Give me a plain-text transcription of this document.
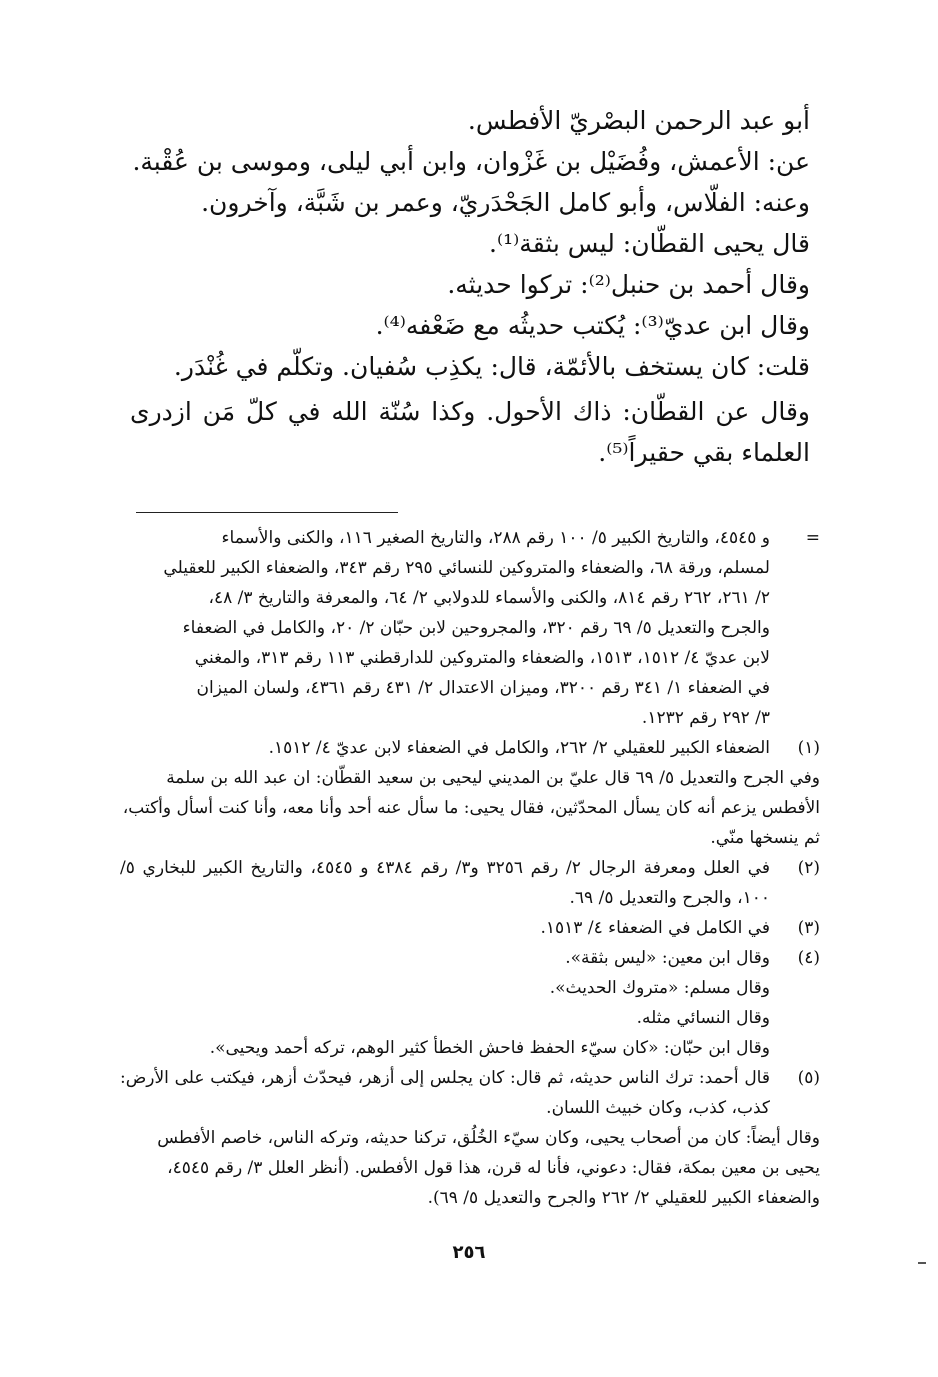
أبو عبد الرحمن البصْريّ الأفطس.

عن: الأعمش، وفُضَيْل بن غَزْوان، وابن أبي ليلى، وموسى بن عُقْبة.

وعنه: الفلّاس، وأبو كامل الجَحْدَريّ، وعمر بن شَبَّة، وآخرون.

قال يحيى القطّان: ليس بثقة⁽¹⁾.

وقال أحمد بن حنبل⁽²⁾: تركوا حديثه.

وقال ابن عديّ⁽³⁾: يُكتب حديثُه مع ضَعْفه⁽⁴⁾.

قلت: كان يستخف بالأئمّة، قال: يكذِب سُفيان. وتكلّم في غُنْدَر.

وقال عن القطّان: ذاك الأحول. وكذا سُنّة الله في كلّ مَن ازدرى العلماء بقي حقيراً⁽⁵⁾.

=
و ٤٥٤٥، والتاريخ الكبير ٥/ ١٠٠ رقم ٢٨٨، والتاريخ الصغير ١١٦، والكنى والأسماء
لمسلم، ورقة ٦٨، والضعفاء والمتروكين للنسائي ٢٩٥ رقم ٣٤٣، والضعفاء الكبير للعقيلي
٢/ ٢٦١، ٢٦٢ رقم ٨١٤، والكنى والأسماء للدولابي ٢/ ٦٤، والمعرفة والتاريخ ٣/ ٤٨،
والجرح والتعديل ٥/ ٦٩ رقم ٣٢٠، والمجروحين لابن حبّان ٢/ ٢٠، والكامل في الضعفاء
لابن عديّ ٤/ ١٥١٢، ١٥١٣، والضعفاء والمتروكين للدارقطني ١١٣ رقم ٣١٣، والمغني
في الضعفاء ١/ ٣٤١ رقم ٣٢٠٠، وميزان الاعتدال ٢/ ٤٣١ رقم ٤٣٦١، ولسان الميزان
٣/ ٢٩٢ رقم ١٢٣٢.
(١)
الضعفاء الكبير للعقيلي ٢/ ٢٦٢، والكامل في الضعفاء لابن عديّ ٤/ ١٥١٢.
وفي الجرح والتعديل ٥/ ٦٩ قال عليّ بن المديني ليحيى بن سعيد القطّان: ان عبد الله بن سلمة الأفطس يزعم أنه كان يسأل المحدّثين، فقال يحيى: ما سأل عنه أحد وأنا معه، وأنا كنت أسأل وأكتب، ثم ينسخها منّي.
(٢)
في العلل ومعرفة الرجال ٢/ رقم ٣٢٥٦ و٣/ رقم ٤٣٨٤ و ٤٥٤٥، والتاريخ الكبير للبخاري ٥/ ١٠٠، والجرح والتعديل ٥/ ٦٩.
(٣)
في الكامل في الضعفاء ٤/ ١٥١٣.
(٤)
وقال ابن معين: «ليس بثقة».
وقال مسلم: «متروك الحديث».
وقال النسائي مثله.
وقال ابن حبّان: «كان سيّء الحفظ فاحش الخطأ كثير الوهم، تركه أحمد ويحيى».
(٥)
قال أحمد: ترك الناس حديثه، ثم قال: كان يجلس إلى أزهر، فيحدّث أزهر، فيكتب على الأرض: كذب، كذب، وكان خبيث اللسان.
وقال أيضاً: كان من أصحاب يحيى، وكان سيّء الخُلُق، تركنا حديثه، وتركه الناس، خاصم الأفطس يحيى بن معين بمكة، فقال: دعوني، فأنا له قرن، هذا قول الأفطس. (أنظر العلل ٣/ رقم ٤٥٤٥، والضعفاء الكبير للعقيلي ٢/ ٢٦٢ والجرح والتعديل ٥/ ٦٩).
٢٥٦
